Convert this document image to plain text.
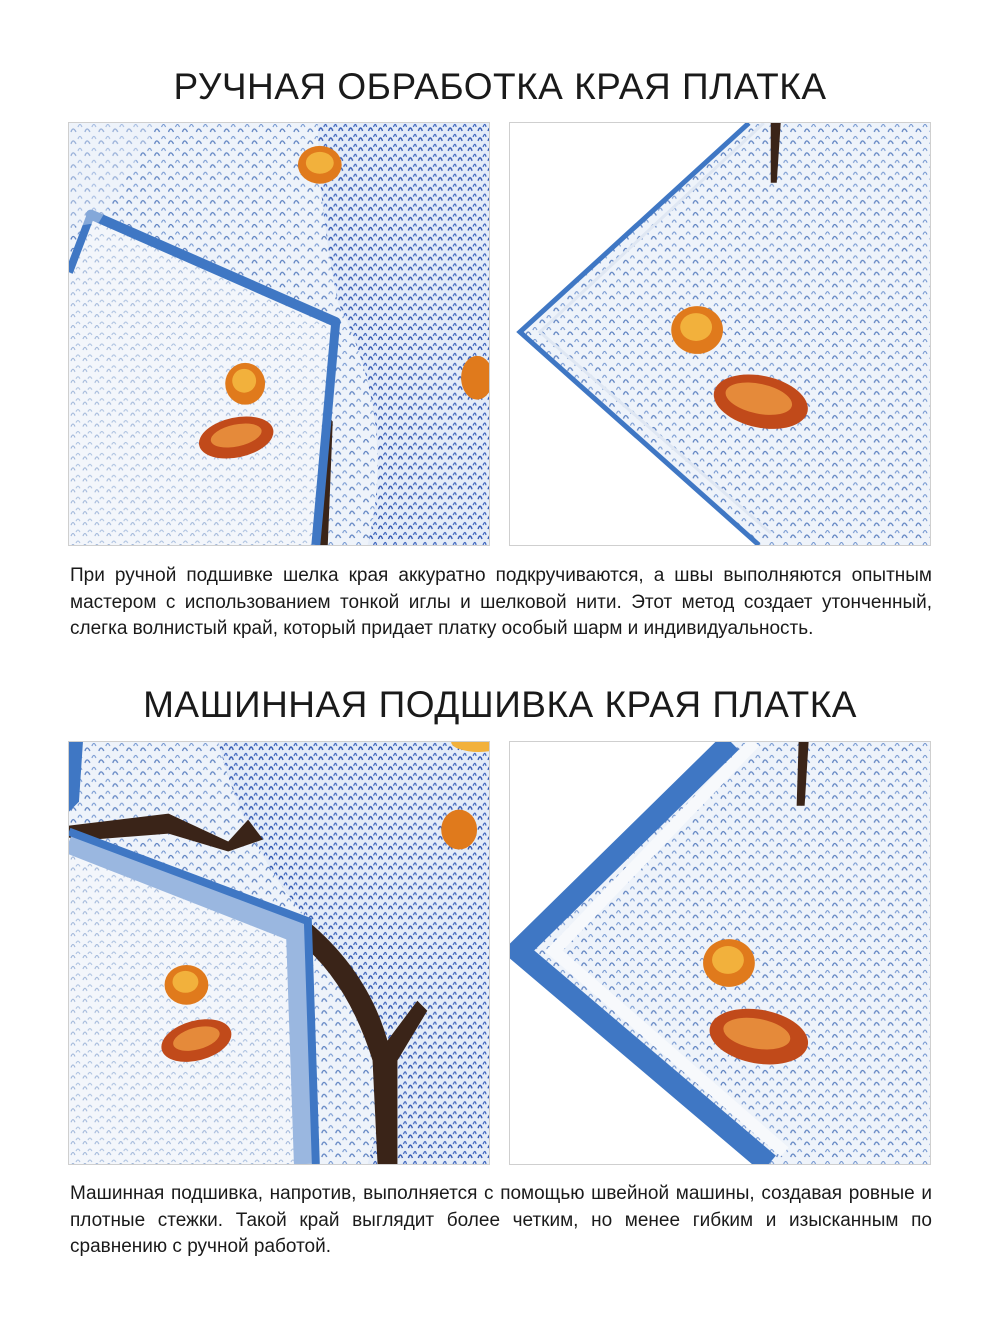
РУЧНАЯ ОБРАБОТКА КРАЯ ПЛАТКА

При ручной подшивке шелка края аккуратно подкручиваются, а швы выполняются опытным мастером с использованием тонкой иглы и шелковой нити. Этот метод создает утонченный, слегка волнистый край, который придает платку особый шарм и индивидуальность.

МАШИННАЯ ПОДШИВКА КРАЯ ПЛАТКА

Машинная подшивка, напротив, выполняется с помощью швейной машины, создавая ровные и плотные стежки. Такой край выглядит более четким, но менее гибким и изысканным по сравнению с ручной работой.
